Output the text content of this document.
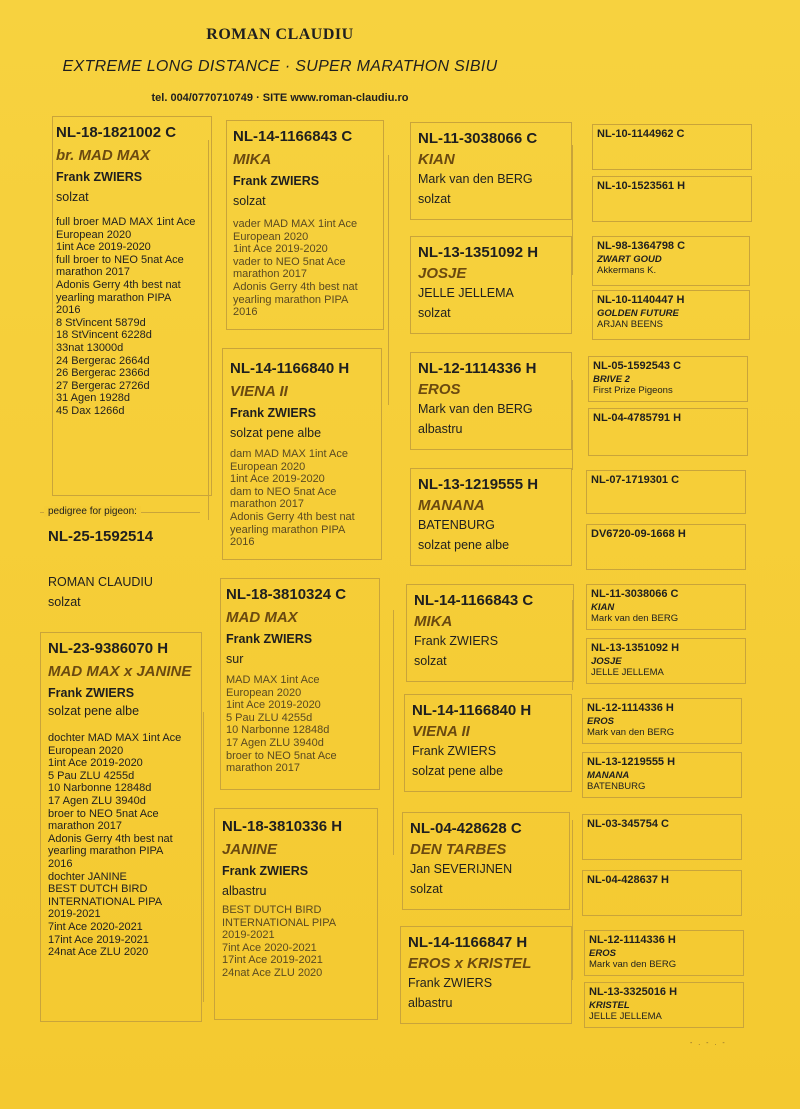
ROMAN CLAUDIU
EXTREME LONG DISTANCE · SUPER MARATHON SIBIU
tel. 004/0770710749 · SITE www.roman-claudiu.ro
pedigree for pigeon:
NL-25-1592514
ROMAN CLAUDIU
solzat
NL-18-1821002 C
br. MAD MAX
Frank ZWIERS
solzat
full broer MAD MAX 1int Ace
European 2020
1int Ace 2019-2020
full broer to NEO 5nat Ace
marathon 2017
Adonis Gerry 4th best nat
yearling marathon PIPA
2016
8 StVincent 5879d
18 StVincent 6228d
33nat 13000d
24 Bergerac 2664d
26 Bergerac 2366d
27 Bergerac 2726d
31 Agen 1928d
45 Dax 1266d
NL-23-9386070 H
MAD MAX x JANINE
Frank ZWIERS
solzat pene albe
dochter MAD MAX 1int Ace
European 2020
1int Ace 2019-2020
5 Pau ZLU 4255d
10 Narbonne 12848d
17 Agen ZLU 3940d
broer to NEO 5nat Ace
marathon 2017
Adonis Gerry 4th best nat
yearling marathon PIPA
2016
dochter JANINE
BEST DUTCH BIRD
INTERNATIONAL PIPA
2019-2021
7int Ace 2020-2021
17int Ace 2019-2021
24nat Ace ZLU 2020
NL-14-1166843 C
MIKA
Frank ZWIERS
solzat
vader MAD MAX 1int Ace
European 2020
1int Ace 2019-2020
vader to NEO 5nat Ace
marathon 2017
Adonis Gerry 4th best nat
yearling marathon PIPA
2016
NL-14-1166840 H
VIENA II
Frank ZWIERS
solzat pene albe
dam MAD MAX 1int Ace
European 2020
1int Ace 2019-2020
dam to NEO 5nat Ace
marathon 2017
Adonis Gerry 4th best nat
yearling marathon PIPA
2016
NL-18-3810324 C
MAD MAX
Frank ZWIERS
sur
MAD MAX 1int Ace
European 2020
1int Ace 2019-2020
5 Pau ZLU 4255d
10 Narbonne 12848d
17 Agen ZLU 3940d
broer to NEO 5nat Ace
marathon 2017
NL-18-3810336 H
JANINE
Frank ZWIERS
albastru
BEST DUTCH BIRD
INTERNATIONAL PIPA
2019-2021
7int Ace 2020-2021
17int Ace 2019-2021
24nat Ace ZLU 2020
NL-11-3038066 C
KIAN
Mark van den BERG
solzat
NL-13-1351092 H
JOSJE
JELLE JELLEMA
solzat
NL-12-1114336 H
EROS
Mark van den BERG
albastru
NL-13-1219555 H
MANANA
BATENBURG
solzat pene albe
NL-14-1166843 C
MIKA
Frank ZWIERS
solzat
NL-14-1166840 H
VIENA II
Frank ZWIERS
solzat pene albe
NL-04-428628 C
DEN TARBES
Jan SEVERIJNEN
solzat
NL-14-1166847 H
EROS x KRISTEL
Frank ZWIERS
albastru
NL-10-1144962 C
NL-10-1523561 H
NL-98-1364798 C
ZWART GOUD
Akkermans K.
NL-10-1140447 H
GOLDEN FUTURE
ARJAN BEENS
NL-05-1592543 C
BRIVE 2
First Prize Pigeons
NL-04-4785791 H
NL-07-1719301 C
DV6720-09-1668 H
NL-11-3038066 C
KIAN
Mark van den BERG
NL-13-1351092 H
JOSJE
JELLE JELLEMA
NL-12-1114336 H
EROS
Mark van den BERG
NL-13-1219555 H
MANANA
BATENBURG
NL-03-345754 C
NL-04-428637 H
NL-12-1114336 H
EROS
Mark van den BERG
NL-13-3325016 H
KRISTEL
JELLE JELLEMA
- . - . -
